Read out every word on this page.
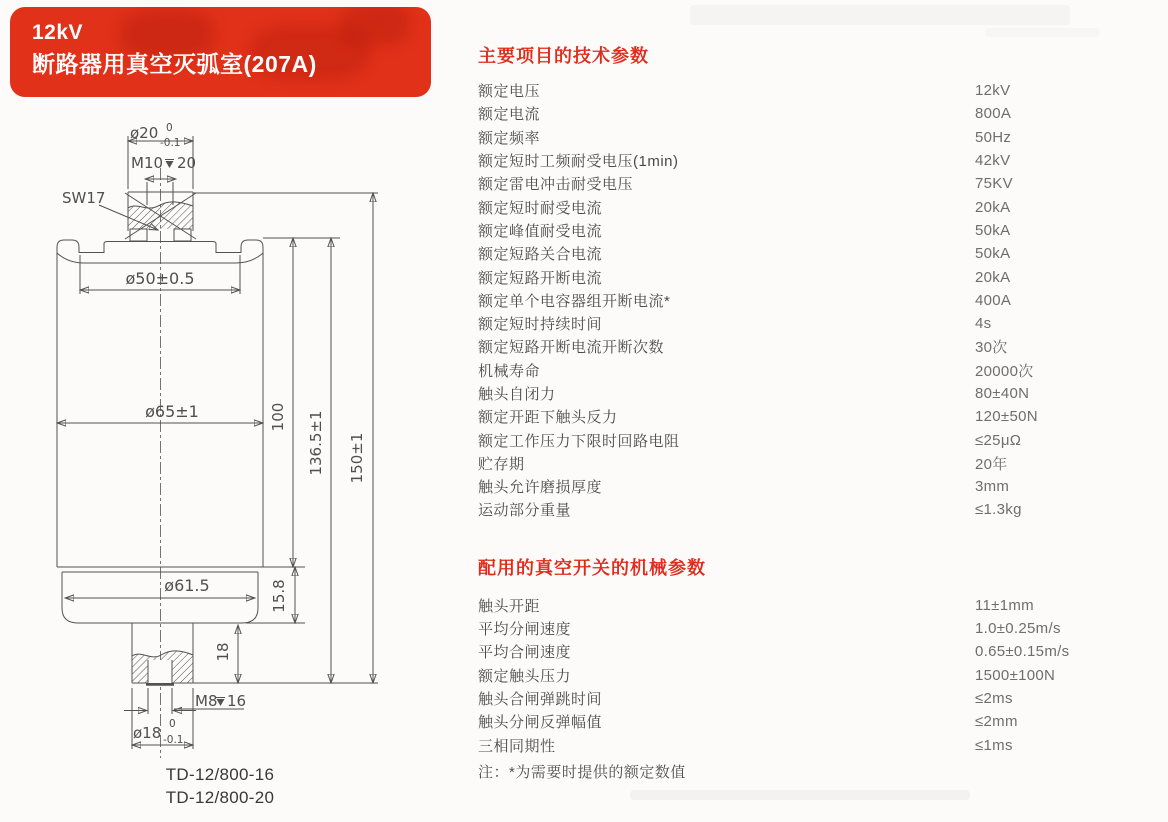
12kV
断路器用真空灭弧室(207A)
SW17
ø20 0
-0.1
M10 20
ø50±0.5
ø65±1
ø61.5
M8 16
ø18 0
-0.1
100
15.8
18
136.5±1 150±1
TD-12/800-16
TD-12/800-20
主要项目的技术参数
额定电压	12kV
额定电流	800A
额定频率	50Hz
额定短时工频耐受电压(1min)	42kV
额定雷电冲击耐受电压	75KV
额定短时耐受电流	20kA
额定峰值耐受电流	50kA
额定短路关合电流	50kA
额定短路开断电流	20kA
额定单个电容器组开断电流*	400A
额定短时持续时间	4s
额定短路开断电流开断次数	30次
机械寿命	20000次
触头自闭力	80±40N
额定开距下触头反力	120±50N
额定工作压力下限时回路电阻	≤25μΩ
贮存期	20年
触头允许磨损厚度	3mm
运动部分重量	≤1.3kg
配用的真空开关的机械参数
触头开距	11±1mm
平均分闸速度	1.0±0.25m/s
平均合闸速度	0.65±0.15m/s
额定触头压力	1500±100N
触头合闸弹跳时间	≤2ms
触头分闸反弹幅值	≤2mm
三相同期性	≤1ms
注：*为需要时提供的额定数值
